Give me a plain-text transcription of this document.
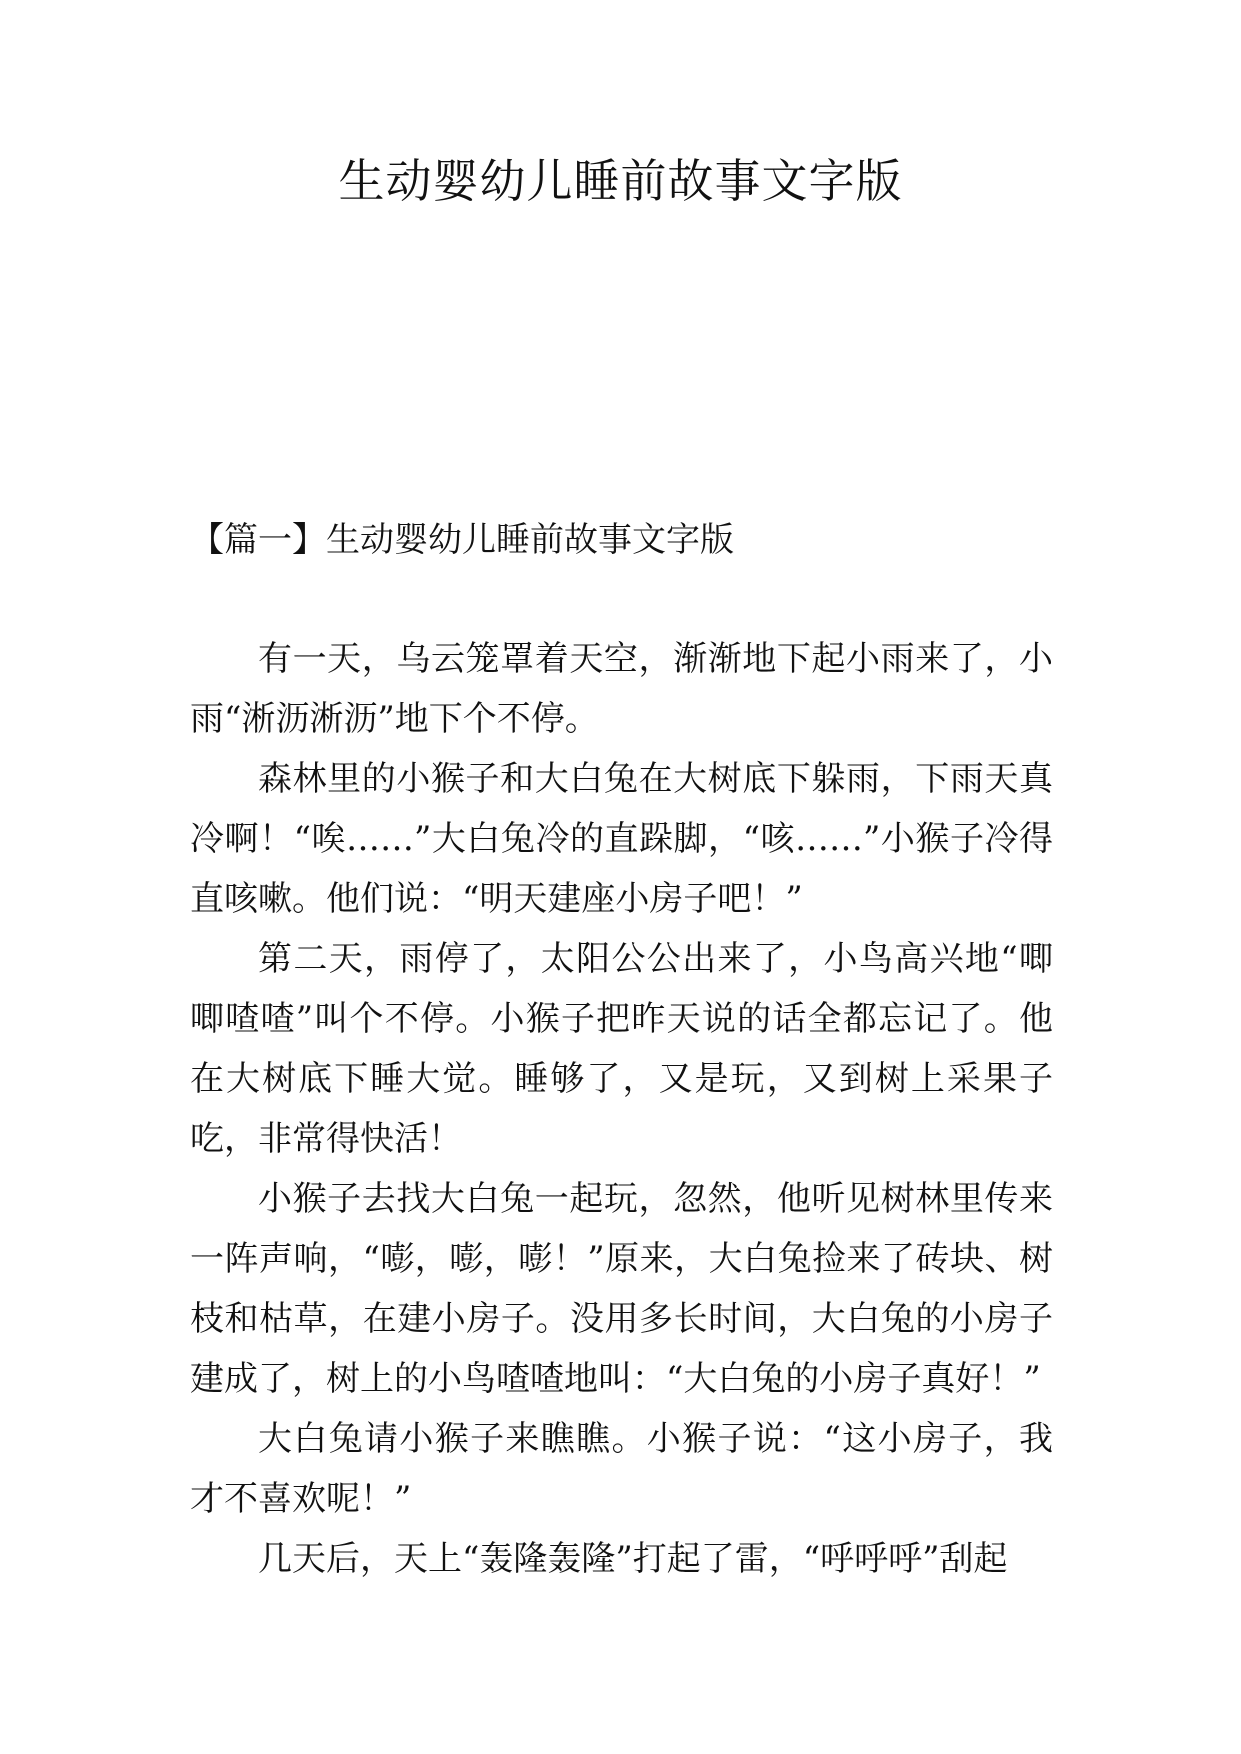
生动婴幼儿睡前故事文字版
【篇一】生动婴幼儿睡前故事文字版

有一天，乌云笼罩着天空，渐渐地下起小雨来了，小雨“淅沥淅沥”地下个不停。

森林里的小猴子和大白兔在大树底下躲雨，下雨天真冷啊！“唉……”大白兔冷的直跺脚，“咳……”小猴子冷得直咳嗽。他们说：“明天建座小房子吧！”

第二天，雨停了，太阳公公出来了，小鸟高兴地“唧唧喳喳”叫个不停。小猴子把昨天说的话全都忘记了。他在大树底下睡大觉。睡够了，又是玩，又到树上采果子吃，非常得快活！

小猴子去找大白兔一起玩，忽然，他听见树林里传来一阵声响，“嘭，嘭，嘭！”原来，大白兔捡来了砖块、树枝和枯草，在建小房子。没用多长时间，大白兔的小房子建成了，树上的小鸟喳喳地叫：“大白兔的小房子真好！”

大白兔请小猴子来瞧瞧。小猴子说：“这小房子，我才不喜欢呢！”

几天后，天上“轰隆轰隆”打起了雷，“呼呼呼”刮起
